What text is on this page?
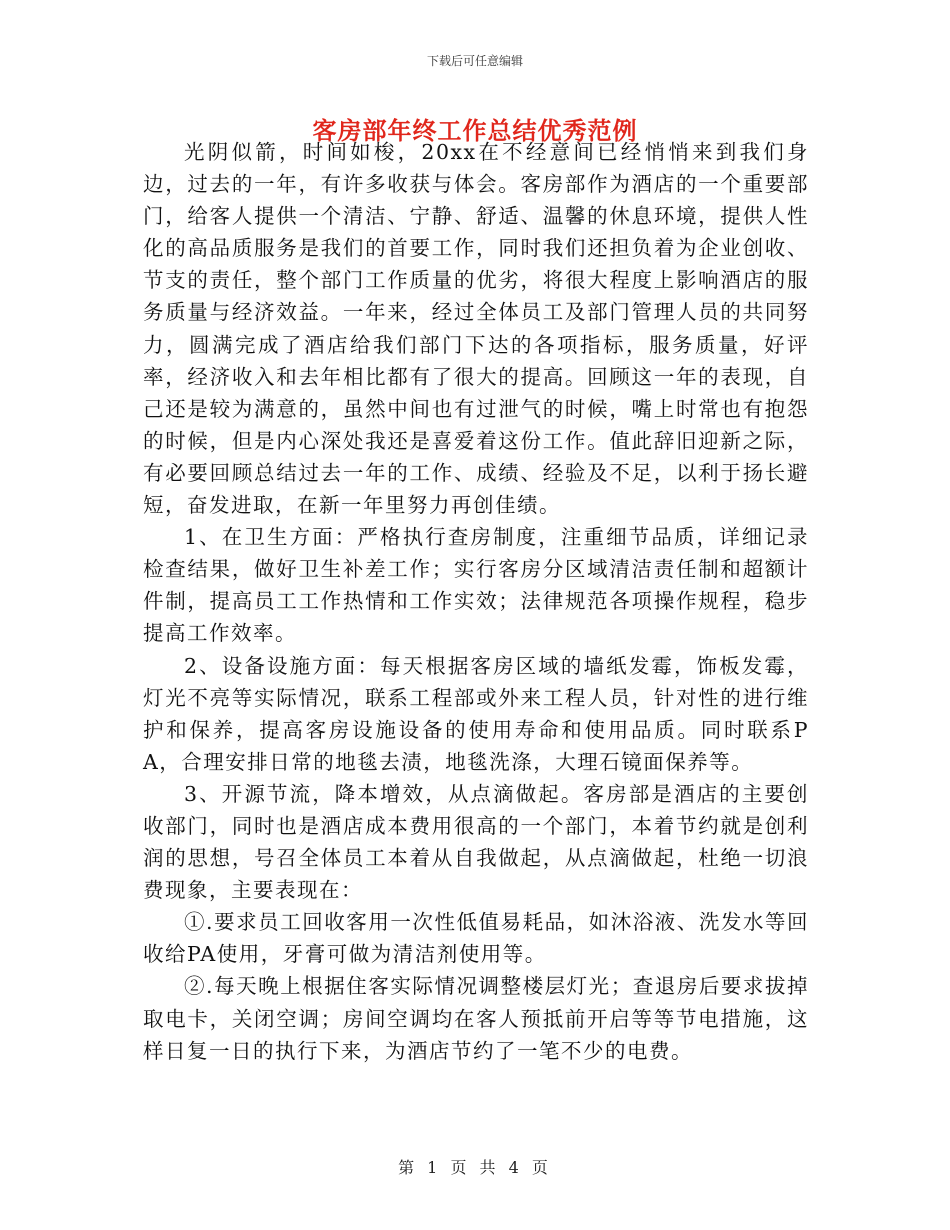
下载后可任意编辑
客房部年终工作总结优秀范例

光阴似箭，时间如梭，20xx在不经意间已经悄悄来到我们身边，过去的一年，有许多收获与体会。客房部作为酒店的一个重要部门，给客人提供一个清洁、宁静、舒适、温馨的休息环境，提供人性化的高品质服务是我们的首要工作，同时我们还担负着为企业创收、节支的责任，整个部门工作质量的优劣，将很大程度上影响酒店的服务质量与经济效益。一年来，经过全体员工及部门管理人员的共同努力，圆满完成了酒店给我们部门下达的各项指标，服务质量，好评率，经济收入和去年相比都有了很大的提高。回顾这一年的表现，自己还是较为满意的，虽然中间也有过泄气的时候，嘴上时常也有抱怨的时候，但是内心深处我还是喜爱着这份工作。值此辞旧迎新之际，有必要回顾总结过去一年的工作、成绩、经验及不足，以利于扬长避短，奋发进取，在新一年里努力再创佳绩。

1、在卫生方面：严格执行查房制度，注重细节品质，详细记录检查结果，做好卫生补差工作；实行客房分区域清洁责任制和超额计件制，提高员工工作热情和工作实效；法律规范各项操作规程，稳步提高工作效率。

2、设备设施方面：每天根据客房区域的墙纸发霉，饰板发霉，灯光不亮等实际情况，联系工程部或外来工程人员，针对性的进行维护和保养，提高客房设施设备的使用寿命和使用品质。同时联系PA，合理安排日常的地毯去渍，地毯洗涤，大理石镜面保养等。

3、开源节流，降本增效，从点滴做起。客房部是酒店的主要创收部门，同时也是酒店成本费用很高的一个部门，本着节约就是创利润的思想，号召全体员工本着从自我做起，从点滴做起，杜绝一切浪费现象，主要表现在：

①.要求员工回收客用一次性低值易耗品，如沐浴液、洗发水等回收给PA使用，牙膏可做为清洁剂使用等。

②.每天晚上根据住客实际情况调整楼层灯光；查退房后要求拔掉取电卡，关闭空调；房间空调均在客人预抵前开启等等节电措施，这样日复一日的执行下来，为酒店节约了一笔不少的电费。

第 1 页 共 4 页
